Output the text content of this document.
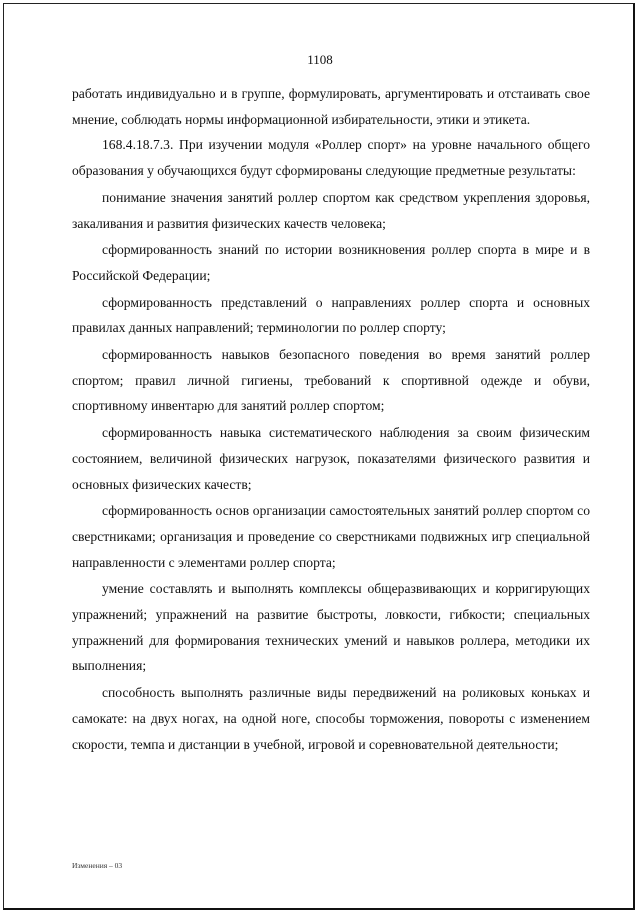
1108

работать индивидуально и в группе, формулировать, аргументировать и отстаивать свое мнение, соблюдать нормы информационной избирательности, этики и этикета.

168.4.18.7.3. При изучении модуля «Роллер спорт» на уровне начального общего образования у обучающихся будут сформированы следующие предметные результаты:

понимание значения занятий роллер спортом как средством укрепления здоровья, закаливания и развития физических качеств человека;

сформированность знаний по истории возникновения роллер спорта в мире и в Российской Федерации;

сформированность представлений о направлениях роллер спорта и основных правилах данных направлений; терминологии по роллер спорту;

сформированность навыков безопасного поведения во время занятий роллер спортом; правил личной гигиены, требований к спортивной одежде и обуви, спортивному инвентарю для занятий роллер спортом;

сформированность навыка систематического наблюдения за своим физическим состоянием, величиной физических нагрузок, показателями физического развития и основных физических качеств;

сформированность основ организации самостоятельных занятий роллер спортом со сверстниками; организация и проведение со сверстниками подвижных игр специальной направленности с элементами роллер спорта;

умение составлять и выполнять комплексы общеразвивающих и корригирующих упражнений; упражнений на развитие быстроты, ловкости, гибкости; специальных упражнений для формирования технических умений и навыков роллера, методики их выполнения;

способность выполнять различные виды передвижений на роликовых коньках и самокате: на двух ногах, на одной ноге, способы торможения, повороты с изменением скорости, темпа и дистанции в учебной, игровой и соревновательной деятельности;

Изменения – 03
